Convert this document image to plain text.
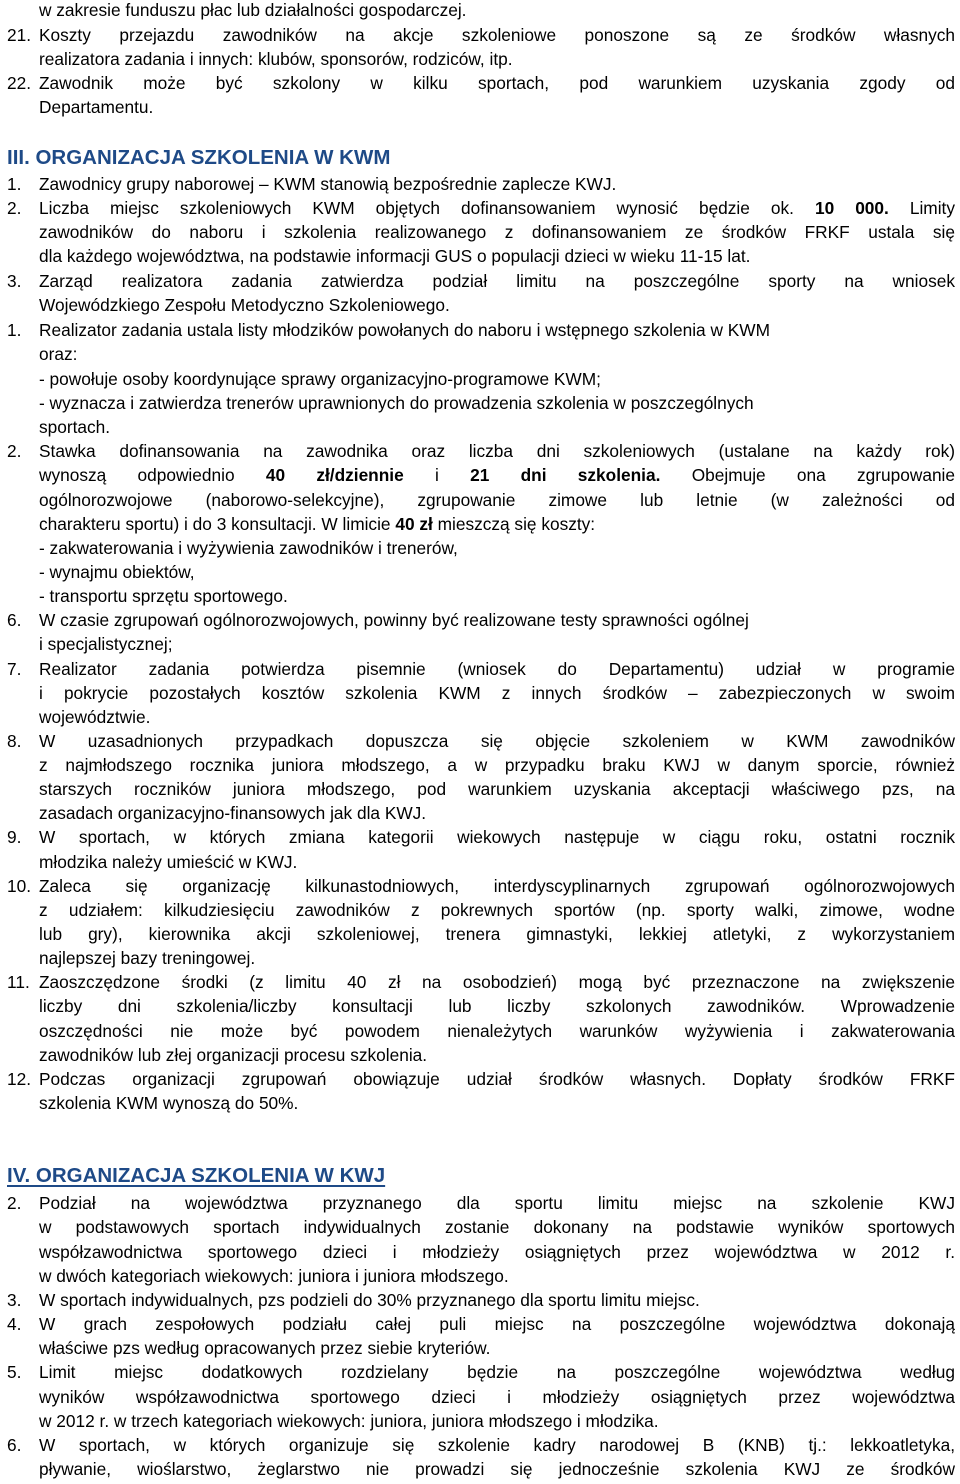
w zakresie funduszu płac lub działalności gospodarczej.
21. Koszty przejazdu zawodników na akcje szkoleniowe ponoszone są ze środków własnych
realizatora zadania i innych: klubów, sponsorów, rodziców, itp.
22. Zawodnik może być szkolony w kilku sportach, pod warunkiem uzyskania zgody od
Departamentu.
III. ORGANIZACJA SZKOLENIA W KWM
1. Zawodnicy grupy naborowej – KWM stanowią bezpośrednie zaplecze KWJ.
2. Liczba miejsc szkoleniowych KWM objętych dofinansowaniem wynosić będzie ok. 10 000. Limity
zawodników do naboru i szkolenia realizowanego z dofinansowaniem ze środków FRKF ustala się
dla każdego województwa, na podstawie informacji GUS o populacji dzieci w wieku 11-15 lat.
3. Zarząd realizatora zadania zatwierdza podział limitu na poszczególne sporty na wniosek
Wojewódzkiego Zespołu Metodyczno Szkoleniowego.
1. Realizator zadania ustala listy młodzików powołanych do naboru i wstępnego szkolenia w KWM
oraz:
- powołuje osoby koordynujące sprawy organizacyjno-programowe KWM;
- wyznacza i zatwierdza trenerów uprawnionych do prowadzenia szkolenia w poszczególnych
sportach.
2. Stawka dofinansowania na zawodnika oraz liczba dni szkoleniowych (ustalane na każdy rok)
wynoszą odpowiednio 40 zł/dziennie i 21 dni szkolenia. Obejmuje ona zgrupowanie
ogólnorozwojowe (naborowo-selekcyjne), zgrupowanie zimowe lub letnie (w zależności od
charakteru sportu) i do 3 konsultacji. W limicie 40 zł mieszczą się koszty:
- zakwaterowania i wyżywienia zawodników i trenerów,
- wynajmu obiektów,
- transportu sprzętu sportowego.
6. W czasie zgrupowań ogólnorozwojowych, powinny być realizowane testy sprawności ogólnej
i specjalistycznej;
7. Realizator zadania potwierdza pisemnie (wniosek do Departamentu) udział w programie
i pokrycie pozostałych kosztów szkolenia KWM z innych środków – zabezpieczonych w swoim
województwie.
8. W uzasadnionych przypadkach dopuszcza się objęcie szkoleniem w KWM zawodników
z najmłodszego rocznika juniora młodszego, a w przypadku braku KWJ w danym sporcie, również
starszych roczników juniora młodszego, pod warunkiem uzyskania akceptacji właściwego pzs, na
zasadach organizacyjno-finansowych jak dla KWJ.
9. W sportach, w których zmiana kategorii wiekowych następuje w ciągu roku, ostatni rocznik
młodzika należy umieścić w KWJ.
10. Zaleca się organizację kilkunastodniowych, interdyscyplinarnych zgrupowań ogólnorozwojowych
z udziałem: kilkudziesięciu zawodników z pokrewnych sportów (np. sporty walki, zimowe, wodne
lub gry), kierownika akcji szkoleniowej, trenera gimnastyki, lekkiej atletyki, z wykorzystaniem
najlepszej bazy treningowej.
11. Zaoszczędzone środki (z limitu 40 zł na osobodzień) mogą być przeznaczone na zwiększenie
liczby dni szkolenia/liczby konsultacji lub liczby szkolonych zawodników. Wprowadzenie
oszczędności nie może być powodem nienależytych warunków wyżywienia i zakwaterowania
zawodników lub złej organizacji procesu szkolenia.
12. Podczas organizacji zgrupowań obowiązuje udział środków własnych. Dopłaty środków FRKF
szkolenia KWM wynoszą do 50%.
IV. ORGANIZACJA SZKOLENIA W KWJ
2. Podział na województwa przyznanego dla sportu limitu miejsc na szkolenie KWJ
w podstawowych sportach indywidualnych zostanie dokonany na podstawie wyników sportowych
współzawodnictwa sportowego dzieci i młodzieży osiągniętych przez województwa w 2012 r.
w dwóch kategoriach wiekowych: juniora i juniora młodszego.
3. W sportach indywidualnych, pzs podzieli do 30% przyznanego dla sportu limitu miejsc.
4. W grach zespołowych podziału całej puli miejsc na poszczególne województwa dokonają
właściwe pzs według opracowanych przez siebie kryteriów.
5. Limit miejsc dodatkowych rozdzielany będzie na poszczególne województwa według
wyników współzawodnictwa sportowego dzieci i młodzieży osiągniętych przez województwa
w 2012 r. w trzech kategoriach wiekowych: juniora, juniora młodszego i młodzika.
6. W sportach, w których organizuje się szkolenie kadry narodowej B (KNB) tj.: lekkoatletyka,
pływanie, wioślarstwo, żeglarstwo nie prowadzi się jednocześnie szkolenia KWJ ze środków
